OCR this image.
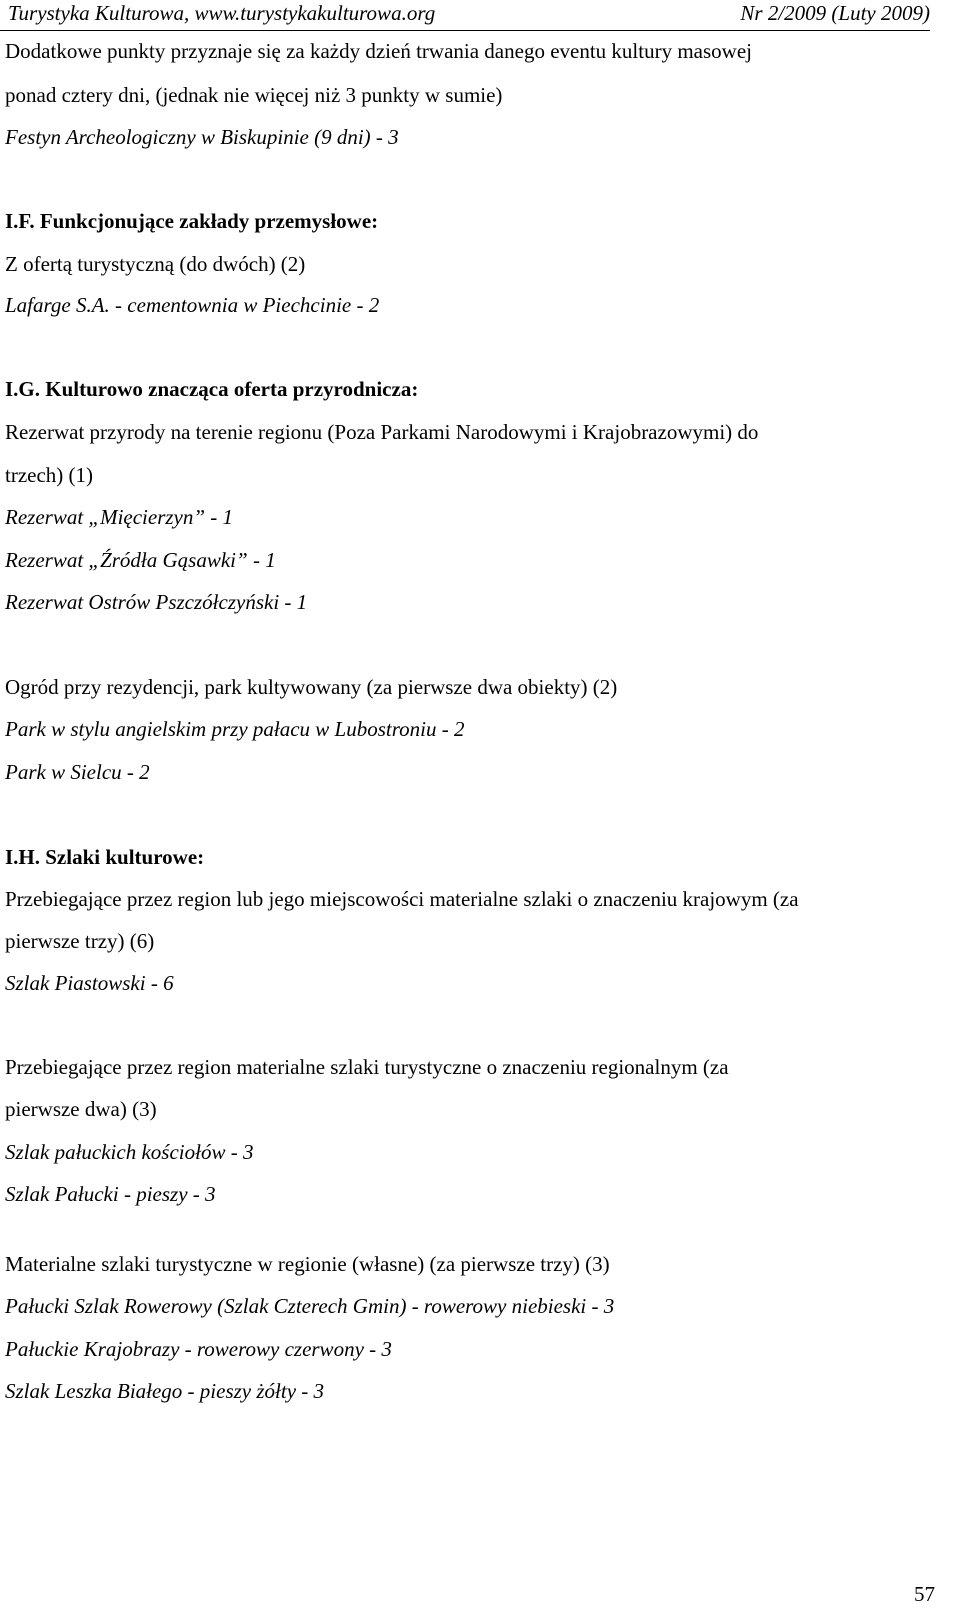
Turystyka Kulturowa, www.turystykakulturowa.org	Nr 2/2009 (Luty 2009)
Dodatkowe punkty przyznaje się za każdy dzień trwania danego eventu kultury masowej
ponad cztery dni, (jednak nie więcej niż 3 punkty w sumie)
Festyn Archeologiczny w Biskupinie (9 dni) - 3
I.F. Funkcjonujące zakłady przemysłowe:
Z ofertą turystyczną (do dwóch) (2)
Lafarge S.A. - cementownia w Piechcinie - 2
I.G. Kulturowo znacząca oferta przyrodnicza:
Rezerwat przyrody na terenie regionu (Poza Parkami Narodowymi i Krajobrazowymi) do
trzech) (1)
Rezerwat „Mięcierzyn” - 1
Rezerwat „Źródła Gąsawki” - 1
Rezerwat Ostrów Pszczółczyński - 1
Ogród przy rezydencji, park kultywowany (za pierwsze dwa obiekty) (2)
Park w stylu angielskim przy pałacu w Lubostroniu - 2
Park w Sielcu - 2
I.H. Szlaki kulturowe:
Przebiegające przez region lub jego miejscowości materialne szlaki o znaczeniu krajowym (za
pierwsze trzy) (6)
Szlak Piastowski - 6
Przebiegające przez region materialne szlaki turystyczne o znaczeniu regionalnym (za
pierwsze dwa) (3)
Szlak pałuckich kościołów - 3
Szlak Pałucki - pieszy - 3
Materialne szlaki turystyczne w regionie (własne) (za pierwsze trzy) (3)
Pałucki Szlak Rowerowy (Szlak Czterech Gmin) - rowerowy niebieski - 3
Pałuckie Krajobrazy - rowerowy czerwony - 3
Szlak Leszka Białego - pieszy żółty - 3
57
